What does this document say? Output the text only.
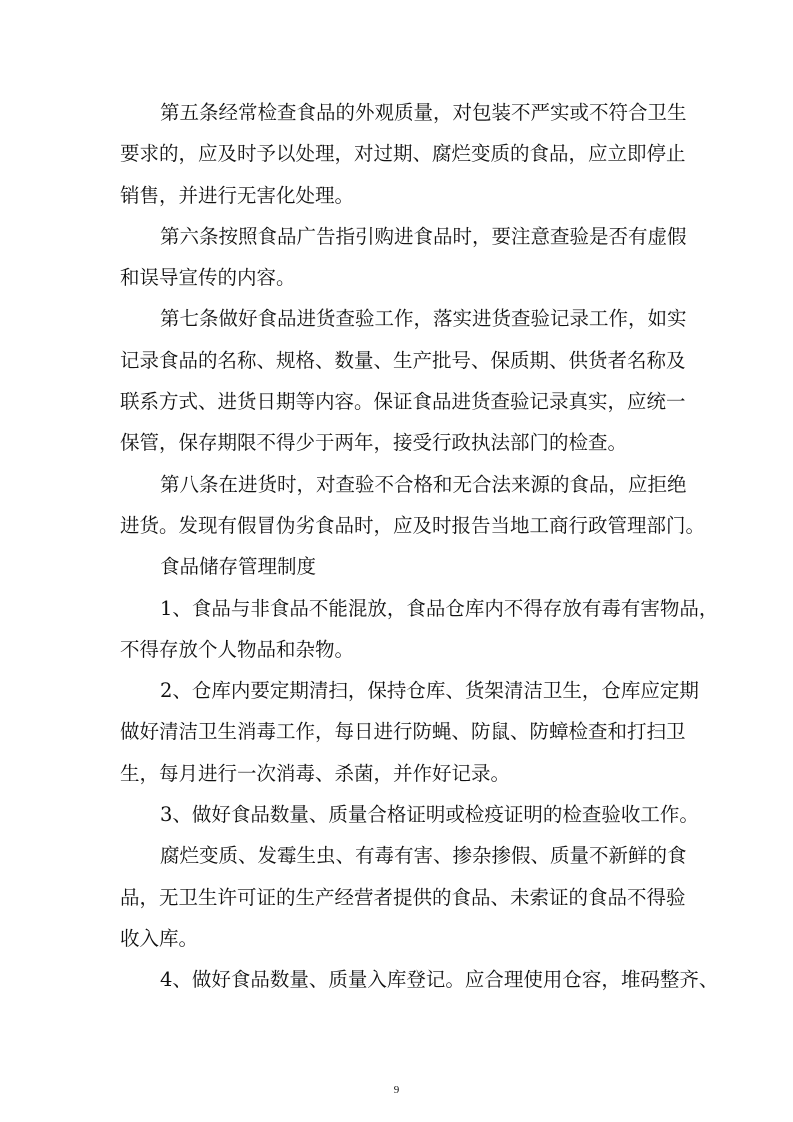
第五条经常检查食品的外观质量，对包装不严实或不符合卫生
要求的，应及时予以处理，对过期、腐烂变质的食品，应立即停止
销售，并进行无害化处理。
第六条按照食品广告指引购进食品时，要注意查验是否有虚假
和误导宣传的内容。
第七条做好食品进货查验工作，落实进货查验记录工作，如实
记录食品的名称、规格、数量、生产批号、保质期、供货者名称及
联系方式、进货日期等内容。保证食品进货查验记录真实，应统一
保管，保存期限不得少于两年，接受行政执法部门的检查。
第八条在进货时，对查验不合格和无合法来源的食品，应拒绝
进货。发现有假冒伪劣食品时，应及时报告当地工商行政管理部门。
食品储存管理制度
1、食品与非食品不能混放，食品仓库内不得存放有毒有害物品，
不得存放个人物品和杂物。
2、仓库内要定期清扫，保持仓库、货架清洁卫生，仓库应定期
做好清洁卫生消毒工作，每日进行防蝇、防鼠、防蟑检查和打扫卫
生，每月进行一次消毒、杀菌，并作好记录。
3、做好食品数量、质量合格证明或检疫证明的检查验收工作。
腐烂变质、发霉生虫、有毒有害、掺杂掺假、质量不新鲜的食
品，无卫生许可证的生产经营者提供的食品、未索证的食品不得验
收入库。
4、做好食品数量、质量入库登记。应合理使用仓容，堆码整齐、
9
